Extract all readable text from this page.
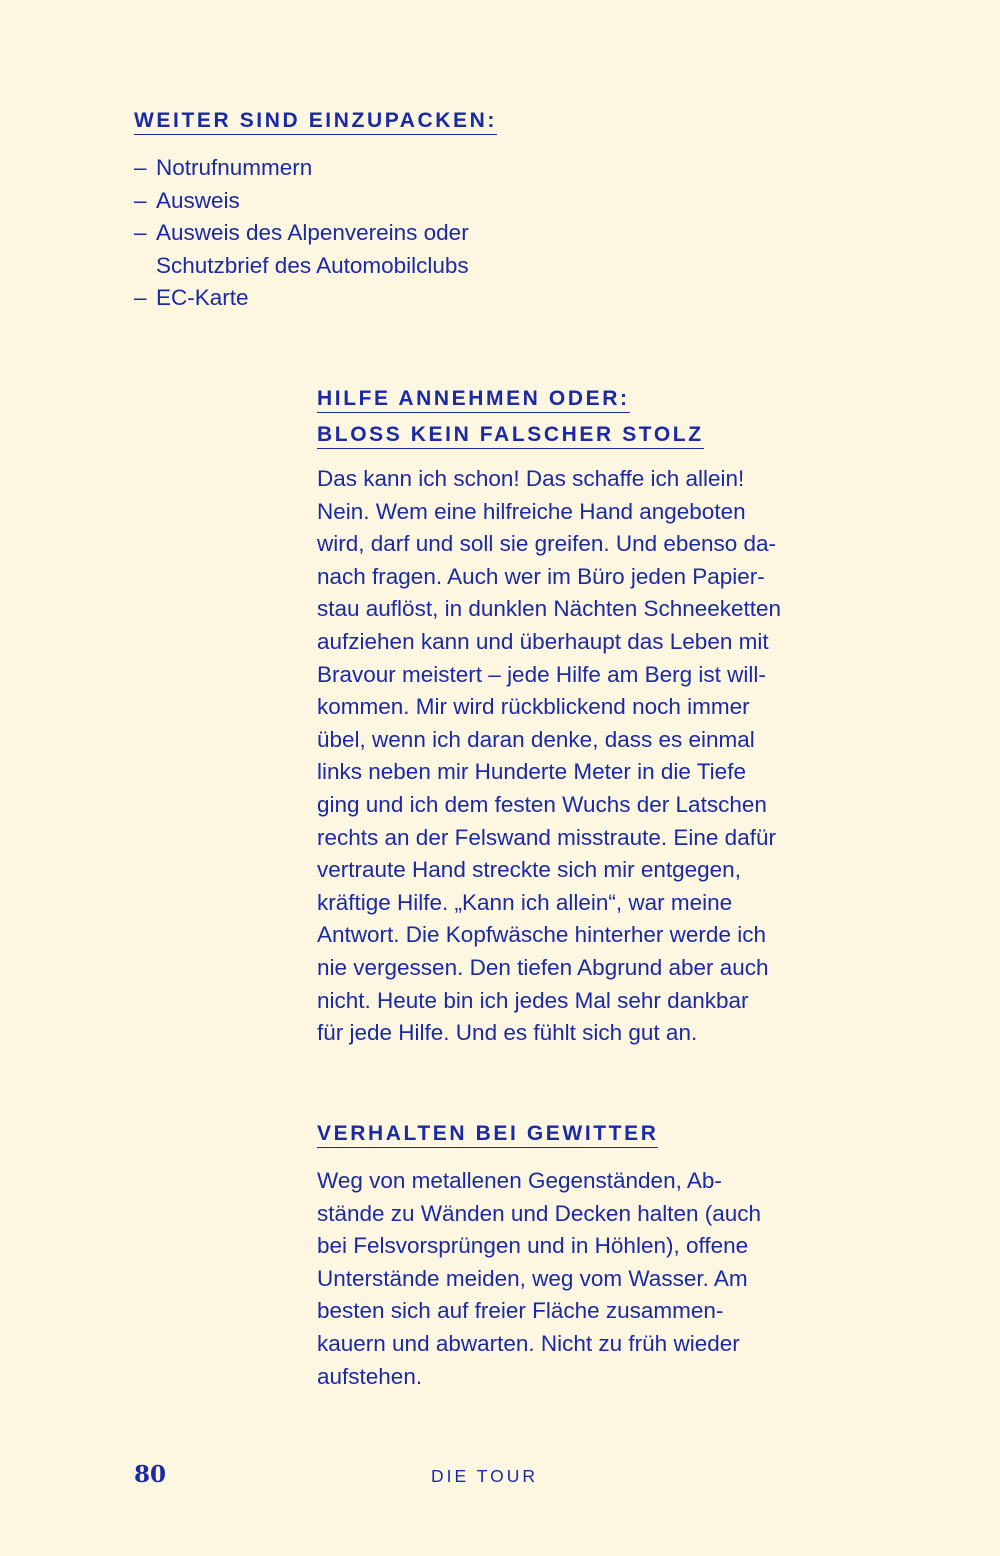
WEITER SIND EINZUPACKEN:
– Notrufnummern
– Ausweis
– Ausweis des Alpenvereins oder
Schutzbrief des Automobilclubs
– EC-Karte
HILFE ANNEHMEN ODER:
BLOSS KEIN FALSCHER STOLZ

Das kann ich schon! Das schaffe ich allein!
Nein. Wem eine hilfreiche Hand angeboten
wird, darf und soll sie greifen. Und ebenso da-
nach fragen. Auch wer im Büro jeden Papier-
stau auflöst, in dunklen Nächten Schneeketten
aufziehen kann und überhaupt das Leben mit
Bravour meistert – jede Hilfe am Berg ist will-
kommen. Mir wird rückblickend noch immer
übel, wenn ich daran denke, dass es einmal
links neben mir Hunderte Meter in die Tiefe
ging und ich dem festen Wuchs der Latschen
rechts an der Felswand misstraute. Eine dafür
vertraute Hand streckte sich mir entgegen,
kräftige Hilfe. „Kann ich allein“, war meine
Antwort. Die Kopfwäsche hinterher werde ich
nie vergessen. Den tiefen Abgrund aber auch
nicht. Heute bin ich jedes Mal sehr dankbar
für jede Hilfe. Und es fühlt sich gut an.

VERHALTEN BEI GEWITTER

Weg von metallenen Gegenständen, Ab-
stände zu Wänden und Decken halten (auch
bei Felsvorsprüngen und in Höhlen), offene
Unterstände meiden, weg vom Wasser. Am
besten sich auf freier Fläche zusammen-
kauern und abwarten. Nicht zu früh wieder
aufstehen.

80	DIE TOUR
